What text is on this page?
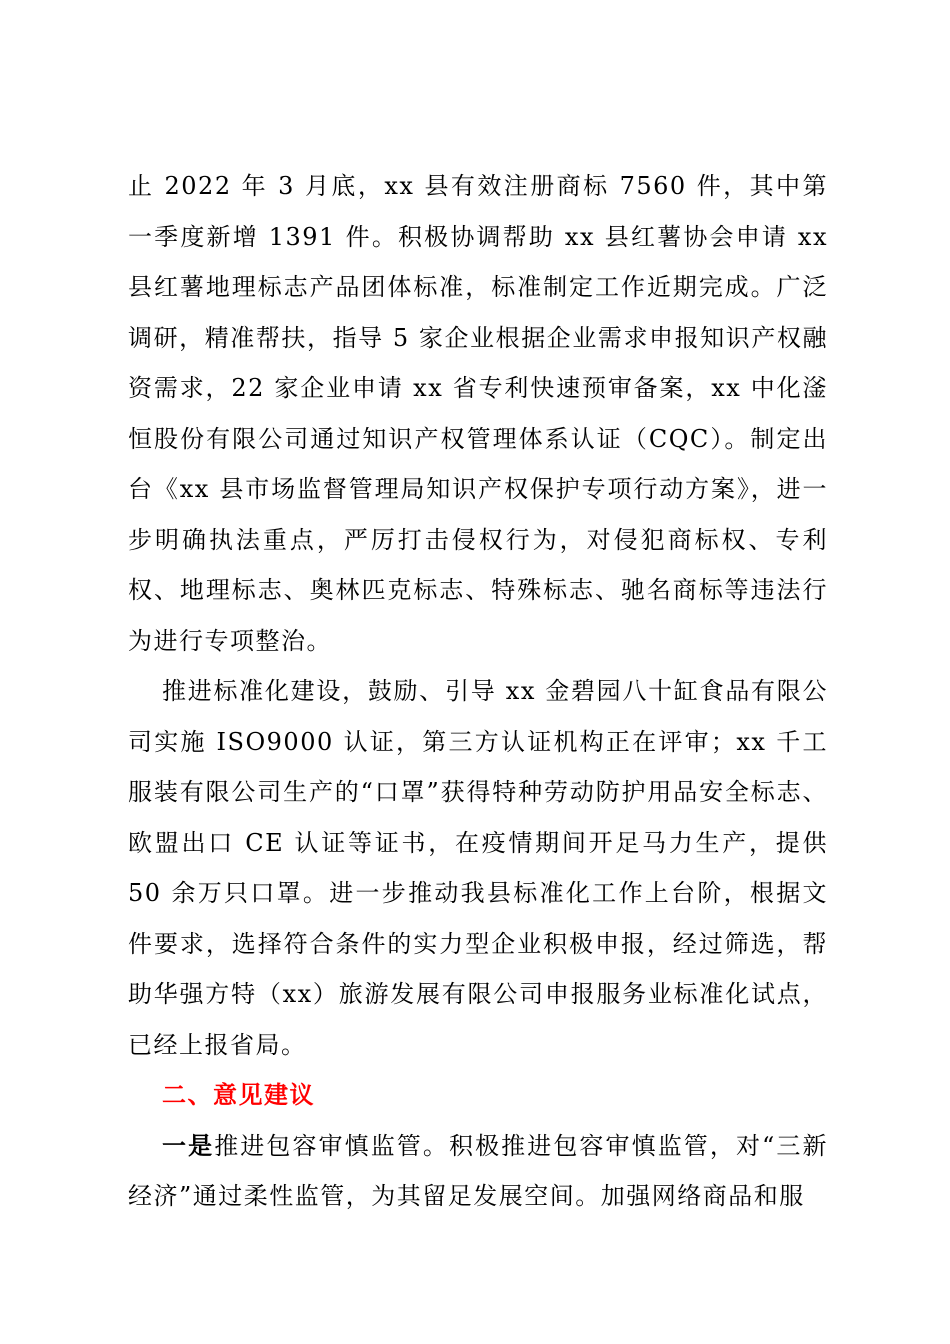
止 2022 年 3 月底，xx 县有效注册商标 7560 件，其中第一季度新增 1391 件。积极协调帮助 xx 县红薯协会申请 xx 县红薯地理标志产品团体标准，标准制定工作近期完成。广泛调研，精准帮扶，指导 5 家企业根据企业需求申报知识产权融资需求，22 家企业申请 xx 省专利快速预审备案，xx 中化滏恒股份有限公司通过知识产权管理体系认证（CQC）。制定出台《xx 县市场监督管理局知识产权保护专项行动方案》，进一步明确执法重点，严厉打击侵权行为，对侵犯商标权、专利权、地理标志、奥林匹克标志、特殊标志、驰名商标等违法行为进行专项整治。

推进标准化建设，鼓励、引导 xx 金碧园八十缸食品有限公司实施 ISO9000 认证，第三方认证机构正在评审；xx 千工服装有限公司生产的“口罩”获得特种劳动防护用品安全标志、欧盟出口 CE 认证等证书，在疫情期间开足马力生产，提供 50 余万只口罩。进一步推动我县标准化工作上台阶，根据文件要求，选择符合条件的实力型企业积极申报，经过筛选，帮助华强方特（xx）旅游发展有限公司申报服务业标准化试点，已经上报省局。

二、意见建议

一是推进包容审慎监管。积极推进包容审慎监管，对“三新经济”通过柔性监管，为其留足发展空间。加强网络商品和服
